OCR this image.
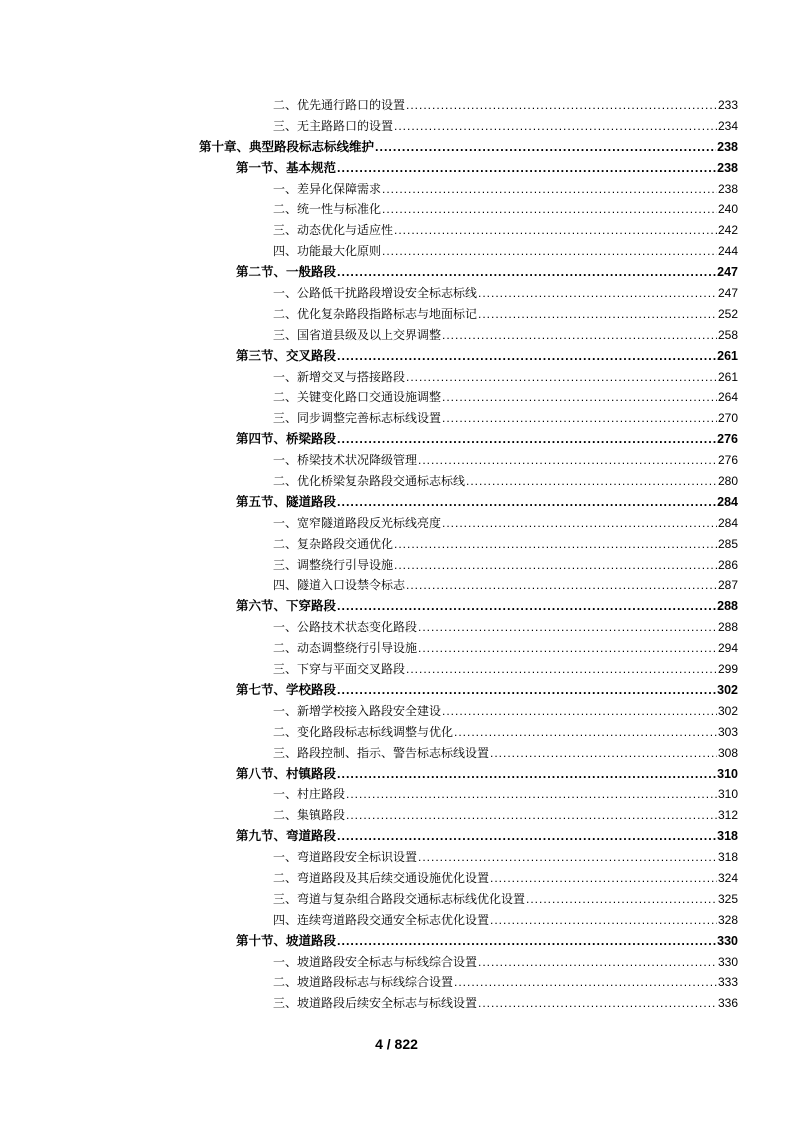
二、优先通行路口的设置 .....	233
三、无主路路口的设置 .....	234
第十章、典型路段标志标线维护 .....	238
第一节、基本规范 .....	238
一、差异化保障需求 .....	238
二、统一性与标准化 .....	240
三、动态优化与适应性 .....	242
四、功能最大化原则 .....	244
第二节、一般路段 .....	247
一、公路低干扰路段增设安全标志标线 .....	247
二、优化复杂路段指路标志与地面标记 .....	252
三、国省道县级及以上交界调整 .....	258
第三节、交叉路段 .....	261
一、新增交叉与搭接路段 .....	261
二、关键变化路口交通设施调整 .....	264
三、同步调整完善标志标线设置 .....	270
第四节、桥梁路段 .....	276
一、桥梁技术状况降级管理 .....	276
二、优化桥梁复杂路段交通标志标线 .....	280
第五节、隧道路段 .....	284
一、宽窄隧道路段反光标线亮度 .....	284
二、复杂路段交通优化 .....	285
三、调整绕行引导设施 .....	286
四、隧道入口设禁令标志 .....	287
第六节、下穿路段 .....	288
一、公路技术状态变化路段 .....	288
二、动态调整绕行引导设施 .....	294
三、下穿与平面交叉路段 .....	299
第七节、学校路段 .....	302
一、新增学校接入路段安全建设 .....	302
二、变化路段标志标线调整与优化 .....	303
三、路段控制、指示、警告标志标线设置 .....	308
第八节、村镇路段 .....	310
一、村庄路段 .....	310
二、集镇路段 .....	312
第九节、弯道路段 .....	318
一、弯道路段安全标识设置 .....	318
二、弯道路段及其后续交通设施优化设置 .....	324
三、弯道与复杂组合路段交通标志标线优化设置 .....	325
四、连续弯道路段交通安全标志优化设置 .....	328
第十节、坡道路段 .....	330
一、坡道路段安全标志与标线综合设置 .....	330
二、坡道路段标志与标线综合设置 .....	333
三、坡道路段后续安全标志与标线设置 .....	336
4 / 822
